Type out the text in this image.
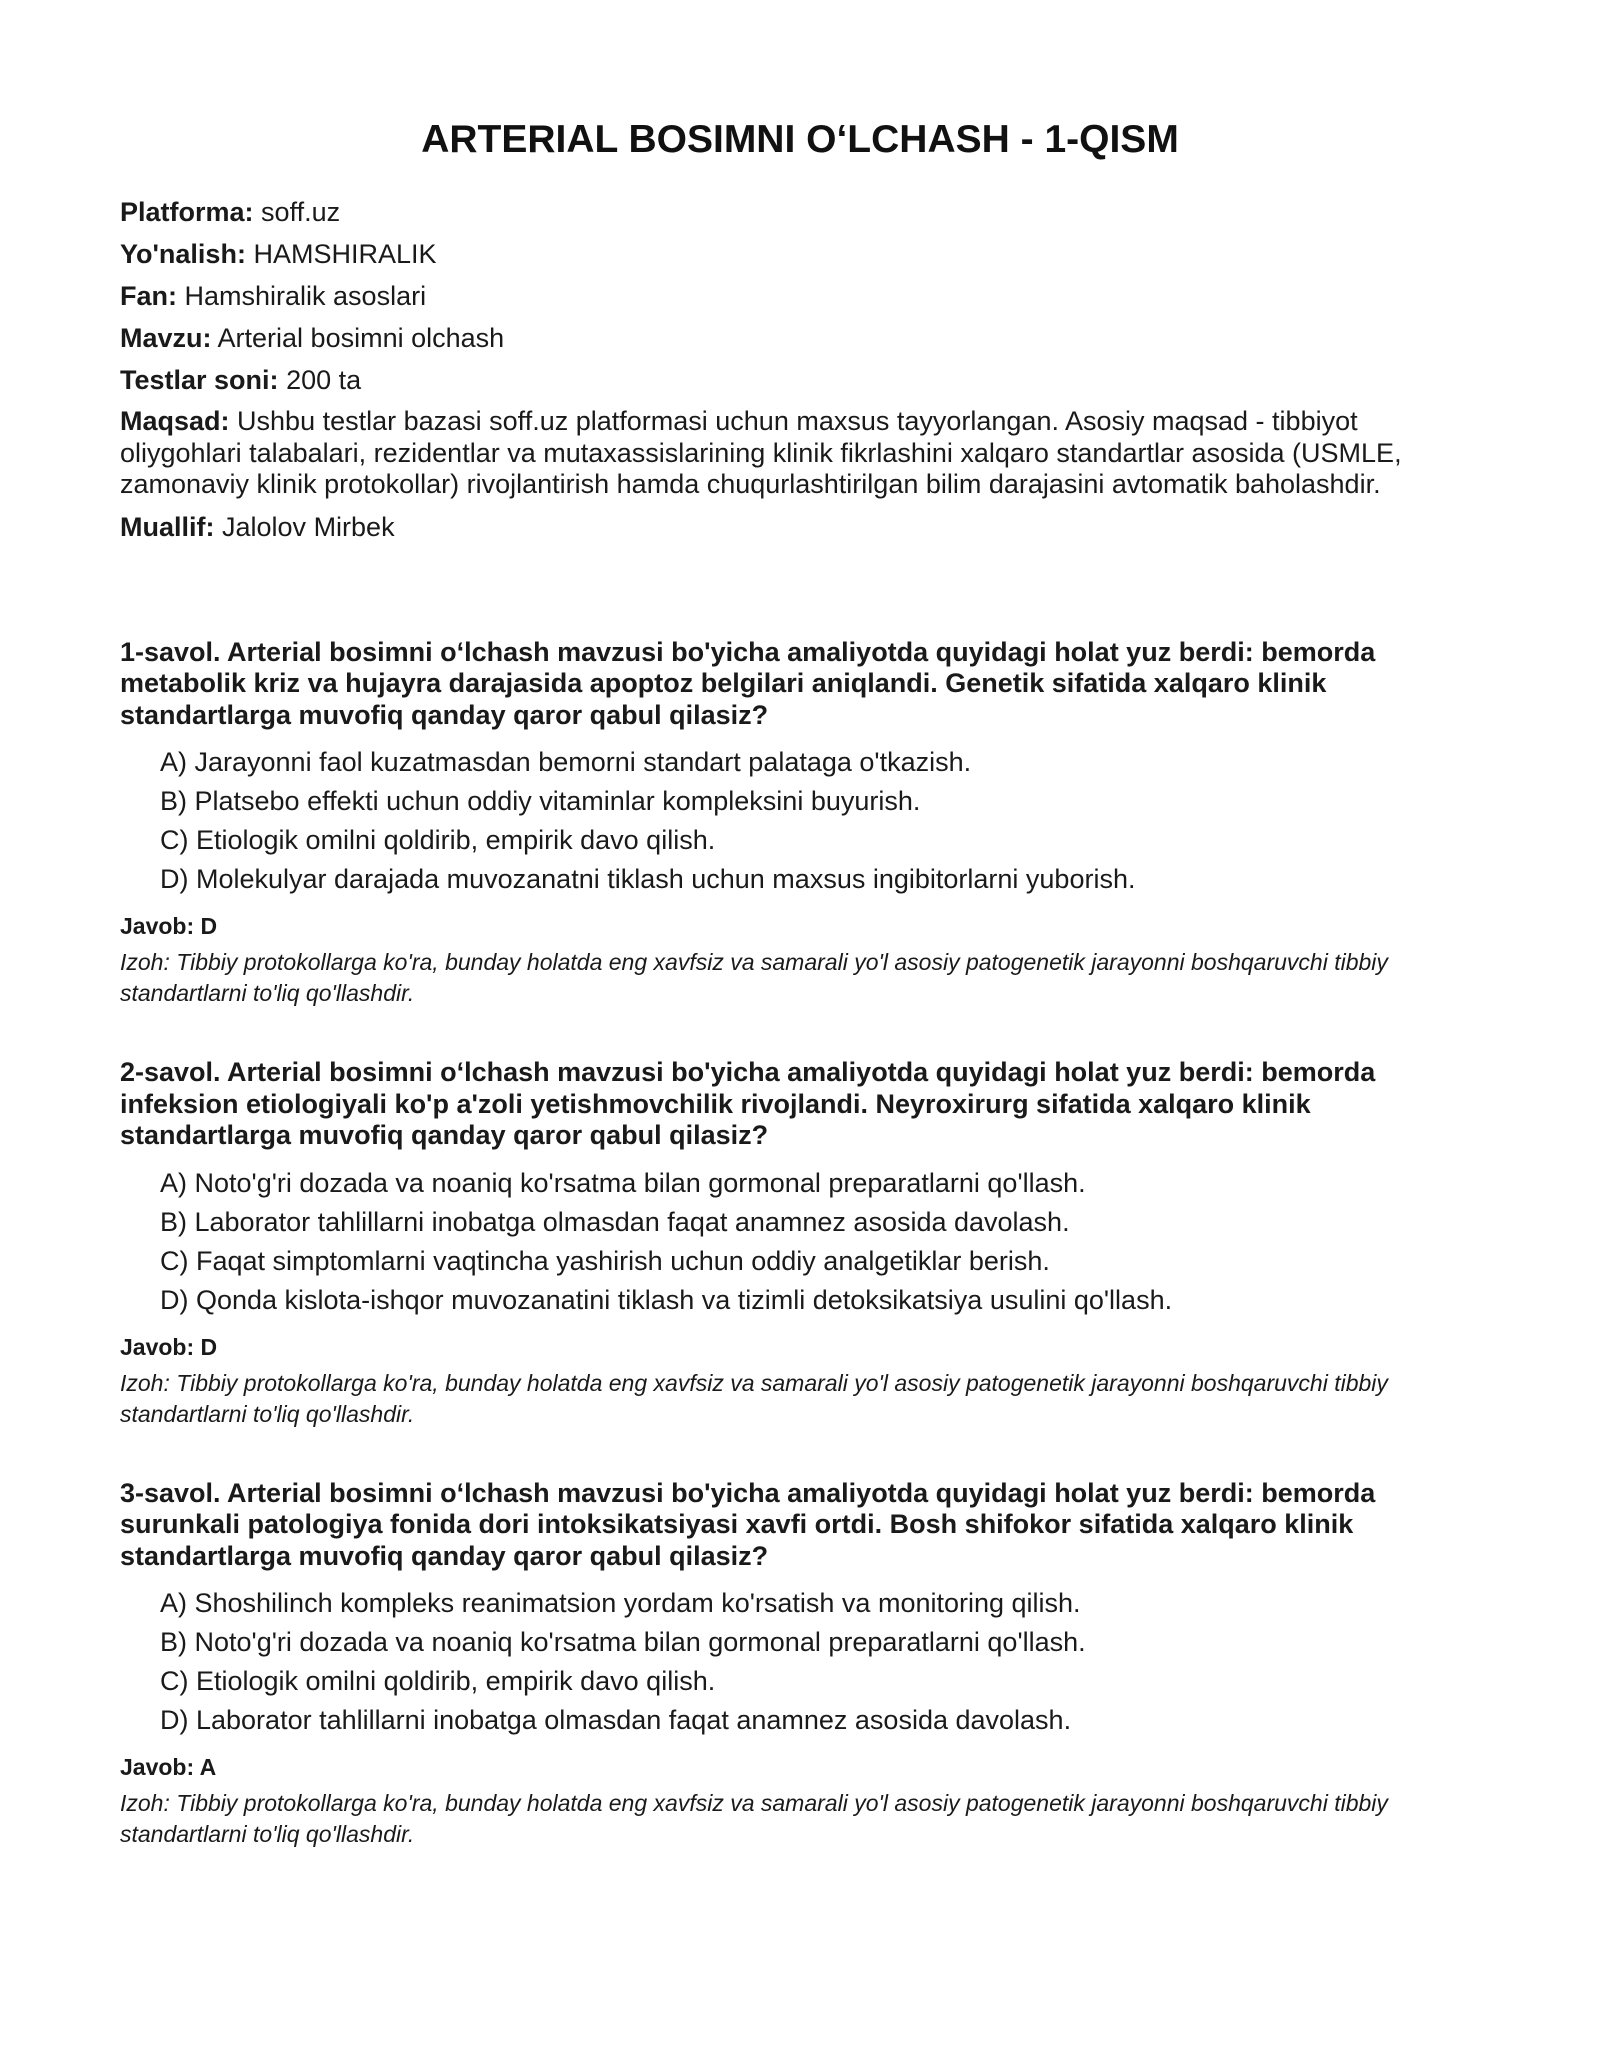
ARTERIAL BOSIMNI O‘LCHASH - 1-QISM

Platforma: soff.uz

Yo'nalish: HAMSHIRALIK

Fan: Hamshiralik asoslari

Mavzu: Arterial bosimni olchash

Testlar soni: 200 ta

Maqsad: Ushbu testlar bazasi soff.uz platformasi uchun maxsus tayyorlangan. Asosiy maqsad - tibbiyot oliygohlari talabalari, rezidentlar va mutaxassislarining klinik fikrlashini xalqaro standartlar asosida (USMLE, zamonaviy klinik protokollar) rivojlantirish hamda chuqurlashtirilgan bilim darajasini avtomatik baholashdir.

Muallif: Jalolov Mirbek

1-savol. Arterial bosimni o‘lchash mavzusi bo'yicha amaliyotda quyidagi holat yuz berdi: bemorda metabolik kriz va hujayra darajasida apoptoz belgilari aniqlandi. Genetik sifatida xalqaro klinik standartlarga muvofiq qanday qaror qabul qilasiz?

A) Jarayonni faol kuzatmasdan bemorni standart palataga o'tkazish.
B) Platsebo effekti uchun oddiy vitaminlar kompleksini buyurish.
C) Etiologik omilni qoldirib, empirik davo qilish.
D) Molekulyar darajada muvozanatni tiklash uchun maxsus ingibitorlarni yuborish.

Javob: D

Izoh: Tibbiy protokollarga ko'ra, bunday holatda eng xavfsiz va samarali yo'l asosiy patogenetik jarayonni boshqaruvchi tibbiy standartlarni to'liq qo'llashdir.

2-savol. Arterial bosimni o‘lchash mavzusi bo'yicha amaliyotda quyidagi holat yuz berdi: bemorda infeksion etiologiyali ko'p a'zoli yetishmovchilik rivojlandi. Neyroxirurg sifatida xalqaro klinik standartlarga muvofiq qanday qaror qabul qilasiz?

A) Noto'g'ri dozada va noaniq ko'rsatma bilan gormonal preparatlarni qo'llash.
B) Laborator tahlillarni inobatga olmasdan faqat anamnez asosida davolash.
C) Faqat simptomlarni vaqtincha yashirish uchun oddiy analgetiklar berish.
D) Qonda kislota-ishqor muvozanatini tiklash va tizimli detoksikatsiya usulini qo'llash.

Javob: D

Izoh: Tibbiy protokollarga ko'ra, bunday holatda eng xavfsiz va samarali yo'l asosiy patogenetik jarayonni boshqaruvchi tibbiy standartlarni to'liq qo'llashdir.

3-savol. Arterial bosimni o‘lchash mavzusi bo'yicha amaliyotda quyidagi holat yuz berdi: bemorda surunkali patologiya fonida dori intoksikatsiyasi xavfi ortdi. Bosh shifokor sifatida xalqaro klinik standartlarga muvofiq qanday qaror qabul qilasiz?

A) Shoshilinch kompleks reanimatsion yordam ko'rsatish va monitoring qilish.
B) Noto'g'ri dozada va noaniq ko'rsatma bilan gormonal preparatlarni qo'llash.
C) Etiologik omilni qoldirib, empirik davo qilish.
D) Laborator tahlillarni inobatga olmasdan faqat anamnez asosida davolash.

Javob: A

Izoh: Tibbiy protokollarga ko'ra, bunday holatda eng xavfsiz va samarali yo'l asosiy patogenetik jarayonni boshqaruvchi tibbiy standartlarni to'liq qo'llashdir.
